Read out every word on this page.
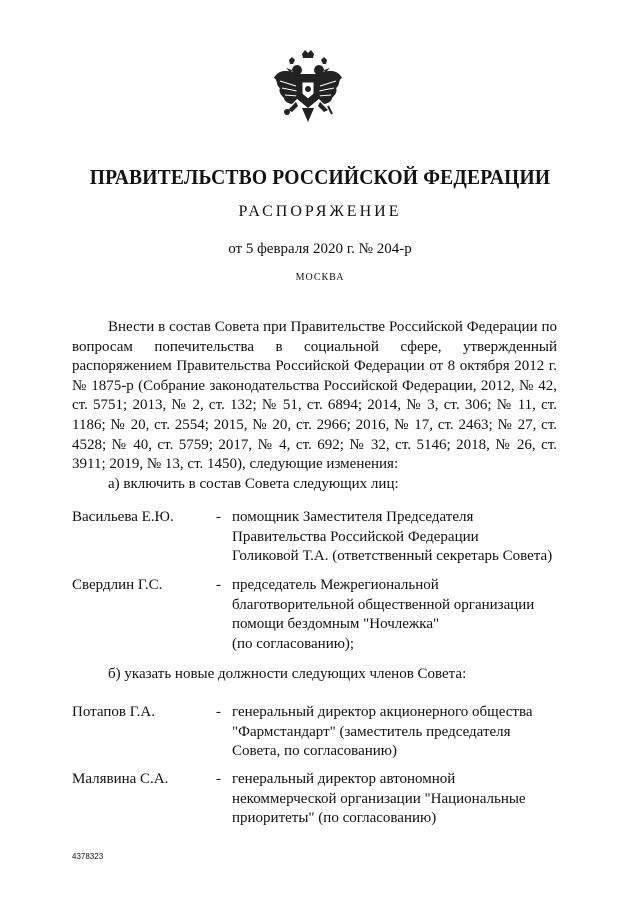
ПРАВИТЕЛЬСТВО РОССИЙСКОЙ ФЕДЕРАЦИИ
РАСПОРЯЖЕНИЕ
от 5 февраля 2020 г. № 204-р
МОСКВА
Внести в состав Совета при Правительстве Российской Федерации по вопросам попечительства в социальной сфере, утвержденный распоряжением Правительства Российской Федерации от 8 октября 2012 г. № 1875-р (Собрание законодательства Российской Федерации, 2012, № 42, ст. 5751; 2013, № 2, ст. 132; № 51, ст. 6894; 2014, № 3, ст. 306; № 11, ст. 1186; № 20, ст. 2554; 2015, № 20, ст. 2966; 2016, № 17, ст. 2463; № 27, ст. 4528; № 40, ст. 5759; 2017, № 4, ст. 692; № 32, ст. 5146; 2018, № 26, ст. 3911; 2019, № 13, ст. 1450), следующие изменения:
а) включить в состав Совета следующих лиц:
Васильева Е.Ю.	- помощник Заместителя Председателя
Правительства Российской Федерации
Голиковой Т.А. (ответственный секретарь Совета)
Свердлин Г.С.	- председатель Межрегиональной
благотворительной общественной организации
помощи бездомным "Ночлежка"
(по согласованию);
б) указать новые должности следующих членов Совета:
Потапов Г.А.	- генеральный директор акционерного общества
"Фармстандарт" (заместитель председателя
Совета, по согласованию)
Малявина С.А.	- генеральный директор автономной
некоммерческой организации "Национальные
приоритеты" (по согласованию)
4378323
